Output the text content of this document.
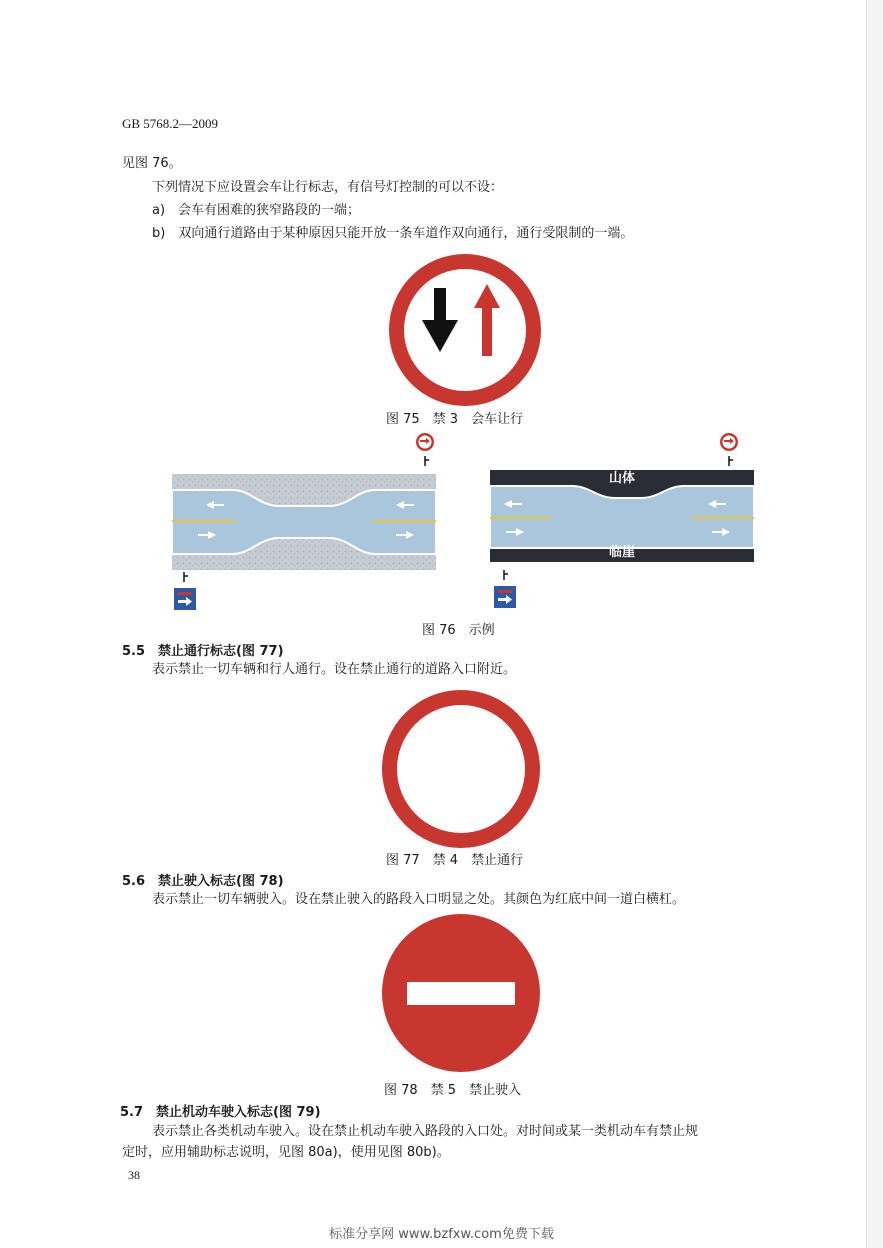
GB 5768.2—2009
见图 76。
下列情况下应设置会车让行标志，有信号灯控制的可以不设：
a)　会车有困难的狭窄路段的一端；
b)　双向通行道路由于某种原因只能开放一条车道作双向通行，通行受限制的一端。
图 75　禁 3　会车让行
山体
临崖
图 76　示例
5.5　禁止通行标志(图 77)
表示禁止一切车辆和行人通行。设在禁止通行的道路入口附近。
图 77　禁 4　禁止通行
5.6　禁止驶入标志(图 78)
表示禁止一切车辆驶入。设在禁止驶入的路段入口明显之处。其颜色为红底中间一道白横杠。
图 78　禁 5　禁止驶入
5.7　禁止机动车驶入标志(图 79)
表示禁止各类机动车驶入。设在禁止机动车驶入路段的入口处。对时间或某一类机动车有禁止规
定时，应用辅助标志说明，见图 80a)，使用见图 80b)。
38
标准分享网 www.bzfxw.com免费下载
